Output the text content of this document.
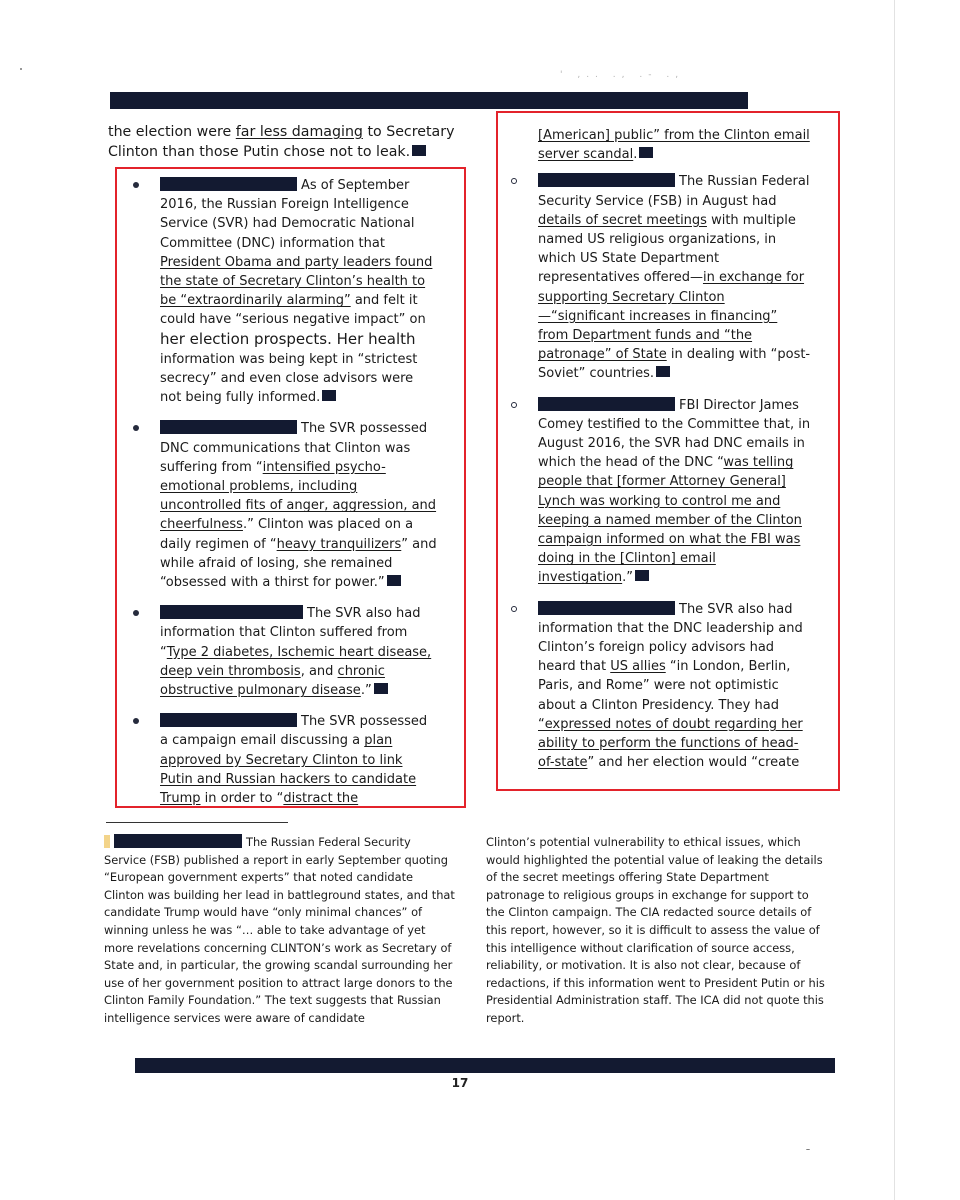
' ,.. ., .- .,
the election were far less damaging to Secretary Clinton than those Putin chose not to leak.
As of September 2016, the Russian Foreign Intelligence Service (SVR) had Democratic National Committee (DNC) information that President Obama and party leaders found the state of Secretary Clinton’s health to be “extraordinarily alarming” and felt it could have “serious negative impact” on her election prospects. Her health information was being kept in “strictest secrecy” and even close advisors were not being fully informed.
The SVR possessed DNC communications that Clinton was suffering from “intensified psycho-emotional problems, including uncontrolled fits of anger, aggression, and cheerfulness.” Clinton was placed on a daily regimen of “heavy tranquilizers” and while afraid of losing, she remained “obsessed with a thirst for power.”
The SVR also had information that Clinton suffered from “Type 2 diabetes, Ischemic heart disease, deep vein thrombosis, and chronic obstructive pulmonary disease.”
The SVR possessed a campaign email discussing a plan approved by Secretary Clinton to link Putin and Russian hackers to candidate Trump in order to “distract the
[American] public” from the Clinton email server scandal.
The Russian Federal Security Service (FSB) in August had details of secret meetings with multiple named US religious organizations, in which US State Department representatives offered—in exchange for supporting Secretary Clinton—“significant increases in financing” from Department funds and “the patronage” of State in dealing with “post-Soviet” countries.
FBI Director James Comey testified to the Committee that, in August 2016, the SVR had DNC emails in which the head of the DNC “was telling people that [former Attorney General] Lynch was working to control me and keeping a named member of the Clinton campaign informed on what the FBI was doing in the [Clinton] email investigation.”
The SVR also had information that the DNC leadership and Clinton’s foreign policy advisors had heard that US allies “in London, Berlin, Paris, and Rome” were not optimistic about a Clinton Presidency. They had “expressed notes of doubt regarding her ability to perform the functions of head-of-state” and her election would “create
The Russian Federal Security Service (FSB) published a report in early September quoting “European government experts” that noted candidate Clinton was building her lead in battleground states, and that candidate Trump would have “only minimal chances” of winning unless he was “… able to take advantage of yet more revelations concerning CLINTON’s work as Secretary of State and, in particular, the growing scandal surrounding her use of her government position to attract large donors to the Clinton Family Foundation.” The text suggests that Russian intelligence services were aware of candidate
Clinton’s potential vulnerability to ethical issues, which would highlighted the potential value of leaking the details of the secret meetings offering State Department patronage to religious groups in exchange for support to the Clinton campaign. The CIA redacted source details of this report, however, so it is difficult to assess the value of this intelligence without clarification of source access, reliability, or motivation. It is also not clear, because of redactions, if this information went to President Putin or his Presidential Administration staff. The ICA did not quote this report.
17
